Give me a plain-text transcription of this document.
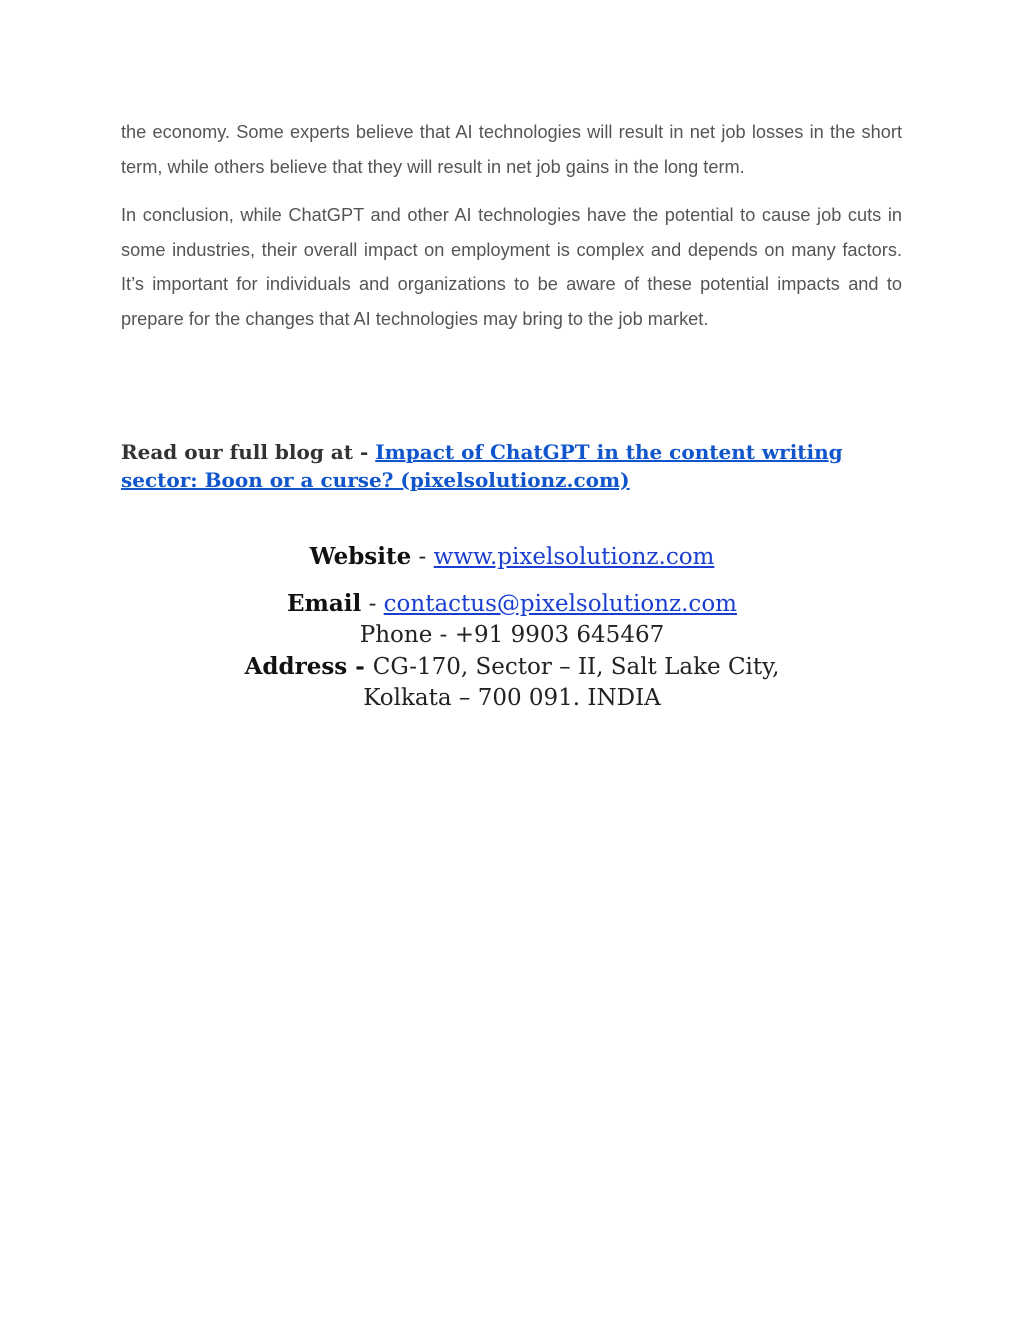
the economy. Some experts believe that AI technologies will result in net job losses in the short term, while others believe that they will result in net job gains in the long term.

In conclusion, while ChatGPT and other AI technologies have the potential to cause job cuts in some industries, their overall impact on employment is complex and depends on many factors. It’s important for individuals and organizations to be aware of these potential impacts and to prepare for the changes that AI technologies may bring to the job market.

Read our full blog at - Impact of ChatGPT in the content writing sector: Boon or a curse? (pixelsolutionz.com)

Website - www.pixelsolutionz.com

Email - contactus@pixelsolutionz.com

Phone - +91 9903 645467

Address - CG-170, Sector – II, Salt Lake City, Kolkata – 700 091. INDIA
